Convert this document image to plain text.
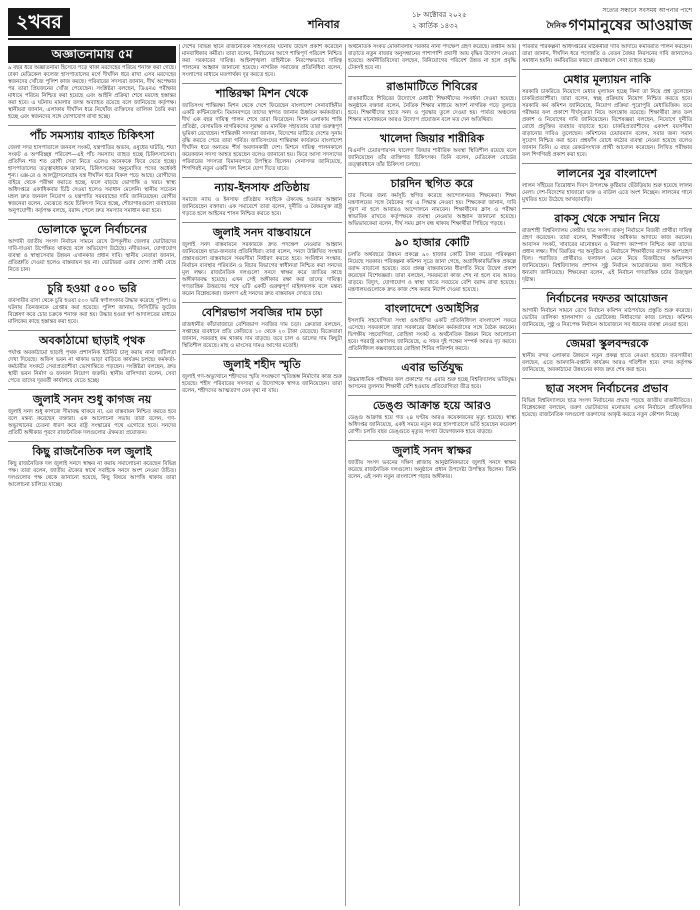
২খবর	শনিবার
১৮ অক্টোবর ২০২৫
২ কার্তিক ১৪৩২
সত্যের সন্ধানে সবসময় আপনার পাশে
$^{দৈনিক}$ গণমানুষের আওয়াজ
অজ্ঞাতনামায় ৫ম
৯ বছর ধরে অজ্ঞাতনামা হিসেবে পড়ে থাকা মরদেহের পরিচয় শনাক্ত করা গেছে। ঢাকা মেডিকেল কলেজ হাসপাতালের মর্গে দীর্ঘদিন ধরে রাখা এসব মরদেহের স্বজনদের খোঁজে পুলিশ কাজ করছে। পরিবারের সদস্যরা জানান, দীর্ঘ অপেক্ষার পর তারা প্রিয়জনের খোঁজ পেয়েছেন। সংশ্লিষ্টরা বলছেন, ডিএনএ পরীক্ষার মাধ্যমে পরিচয় নিশ্চিত করা হয়েছে এবং আইনি প্রক্রিয়া শেষে মরদেহ হস্তান্তর করা হবে। এ ঘটনায় মামলার তদন্ত অব্যাহত রয়েছে বলে জানিয়েছে কর্তৃপক্ষ। স্থানীয়রা জানান, এলাকায় দীর্ঘদিন ধরে নিখোঁজ ব্যক্তিদের তালিকা তৈরি করা হচ্ছে এবং স্বজনদের সঙ্গে যোগাযোগ রাখা হচ্ছে।
পাঁচ সমস্যায় ব্যাহত চিকিৎসা
জেলা সদর হাসপাতালে জনবল সংকট, যন্ত্রপাতির অভাব, ওষুধের ঘাটতি, শয্যা সংকট ও অপরিচ্ছন্ন পরিবেশ—এই পাঁচ সমস্যায় ব্যাহত হচ্ছে চিকিৎসাসেবা। প্রতিদিন শত শত রোগী সেবা নিতে এলেও অনেককে ফিরে যেতে হচ্ছে। হাসপাতালের তত্ত্বাবধায়ক জানান, চিকিৎসকের অনুমোদিত পদের অর্ধেকই শূন্য। এক্স-রে ও আলট্রাসনোগ্রাম যন্ত্র দীর্ঘদিন ধরে বিকল পড়ে আছে। রোগীদের বাইরে থেকে পরীক্ষা করাতে হচ্ছে, ফলে বাড়ছে ভোগান্তি ও খরচ। স্বাস্থ্য অধিদপ্তরে একাধিকবার চিঠি দেওয়া হলেও সমাধান মেলেনি। স্থানীয় সচেতন মহল দ্রুত জনবল নিয়োগ ও যন্ত্রপাতি সরবরাহের দাবি জানিয়েছেন। রোগীর স্বজনেরা বলেন, মেঝেতে শুয়ে চিকিৎসা নিতে হচ্ছে, শৌচাগারগুলো ব্যবহারের অনুপযোগী। কর্তৃপক্ষ বলছে, বরাদ্দ পেলে দ্রুত সমস্যার সমাধান করা হবে।
ভোলাকে ভুলে নির্বাচনের
আগামী জাতীয় সংসদ নির্বাচন সামনে রেখে উপকূলীয় জেলার ভোটারদের দাবি-দাওয়া উপেক্ষিত থাকছে বলে অভিযোগ উঠেছে। নদীভাঙন, যোগাযোগ ব্যবস্থা ও স্বাস্থ্যসেবার উন্নয়ন এখানকার প্রধান দাবি। স্থানীয় নেতারা জানান, প্রতিশ্রুতি দেওয়া হলেও বাস্তবায়ন হয় না। ভোটাররা এবার যোগ্য প্রার্থী বেছে নিতে চান।
চুরি হওয়া ৫০০ ভরি
ব্যবসায়ীর বাসা থেকে চুরি হওয়া ৫০০ ভরি স্বর্ণালংকার উদ্ধার করেছে পুলিশ। এ ঘটনায় তিনজনকে গ্রেপ্তার করা হয়েছে। পুলিশ জানায়, সিসিটিভি ফুটেজ বিশ্লেষণ করে চোর চক্রকে শনাক্ত করা হয়। উদ্ধার হওয়া স্বর্ণ আদালতের মাধ্যমে মালিকের কাছে হস্তান্তর করা হবে।
অবকাঠামো ছাড়াই পৃথক
পর্যাপ্ত অবকাঠামো ছাড়াই পৃথক প্রশাসনিক ইউনিট চালু করায় নানা জটিলতা দেখা দিয়েছে। অফিস ভবন না থাকায় ভাড়া বাড়িতে কার্যক্রম চলছে। কর্মকর্তা-কর্মচারীর সংকটে সেবাপ্রত্যাশীরা ভোগান্তিতে পড়ছেন। সংশ্লিষ্টরা বলছেন, দ্রুত স্থায়ী ভবন নির্মাণ ও জনবল নিয়োগ জরুরি। স্থানীয় বাসিন্দারা বলেন, সেবা পেতে তাদের দূরবর্তী কার্যালয়ে যেতে হচ্ছে।
জুলাই সনদ শুধু কাগজ নয়
জুলাই সনদ শুধু কাগজে সীমাবদ্ধ থাকবে না, এর বাস্তবায়ন নিশ্চিত করতে হবে বলে মন্তব্য করেছেন বক্তারা। এক আলোচনা সভায় তারা বলেন, গণ-অভ্যুত্থানের চেতনা ধারণ করে রাষ্ট্র সংস্কারের পথে এগোতে হবে। সনদের প্রতিটি অঙ্গীকার পূরণে রাজনৈতিক দলগুলোর ঐকমত্য প্রয়োজন।
কিছু রাজনৈতিক দল জুলাই
কিছু রাজনৈতিক দল জুলাই সনদে স্বাক্ষর না করায় সমালোচনা করেছেন বিভিন্ন পক্ষ। তারা বলেন, জাতীয় ঐক্যের স্বার্থে সবাইকে সনদে অংশ নেওয়া উচিত। দলগুলোর পক্ষ থেকে জানানো হয়েছে, কিছু বিষয়ে আপত্তি থাকায় তারা আলোচনা চালিয়ে যাচ্ছে।
দেশের বিভিন্ন স্থানে রাজনৈতিক সহিংসতার ঘটনায় উদ্বেগ প্রকাশ করেছেন মানবাধিকার কর্মীরা। তারা বলেন, নির্বাচনের আগে শান্তিপূর্ণ পরিবেশ নিশ্চিত করা সরকারের দায়িত্ব। আইনশৃঙ্খলা বাহিনীকে নিরপেক্ষভাবে দায়িত্ব পালনের আহ্বান জানানো হয়েছে। নাগরিক সমাজের প্রতিনিধিরা বলেন, সংলাপের মাধ্যমে মতপার্থক্য দূর করতে হবে।
শান্তিরক্ষা মিশন থেকে
জাতিসংঘ শান্তিরক্ষা মিশন থেকে দেশে ফিরেছেন বাংলাদেশ সেনাবাহিনীর একটি কন্টিনজেন্ট। বিমানবন্দরে তাদের স্বাগত জানান ঊর্ধ্বতন কর্মকর্তারা। দীর্ঘ এক বছর দায়িত্ব পালন শেষে তারা ফিরেছেন। মিশন এলাকায় শান্তি প্রতিষ্ঠা, বেসামরিক নাগরিকদের সুরক্ষা ও মানবিক সহায়তায় তারা গুরুত্বপূর্ণ ভূমিকা রেখেছেন। শান্তিরক্ষী সদস্যরা জানান, বিদেশের মাটিতে দেশের সুনাম বৃদ্ধি করতে পেরে তারা গর্বিত। জাতিসংঘের শান্তিরক্ষা কার্যক্রমে বাংলাদেশ দীর্ঘদিন ধরে অন্যতম শীর্ষ অবদানকারী দেশ। মিশনে দায়িত্ব পালনকালে কয়েকজন সদস্য আহত হয়েছেন বলেও জানানো হয়। ফিরে আসা সদস্যদের পরিবারের সদস্যরা বিমানবন্দরে উপস্থিত ছিলেন। সেনাসদর জানিয়েছে, শিগগিরই নতুন একটি দল মিশনে যোগ দিতে যাবে।
ন্যায়-ইনসাফ প্রতিষ্ঠায়
সমাজে ন্যায় ও ইনসাফ প্রতিষ্ঠায় সবাইকে ঐক্যবদ্ধ হওয়ার আহ্বান জানিয়েছেন বক্তারা। এক সমাবেশে তারা বলেন, দুর্নীতি ও বৈষম্যমুক্ত রাষ্ট্র গড়তে হলে আইনের শাসন নিশ্চিত করতে হবে।
জুলাই সনদ বাস্তবায়নে
জুলাই সনদ বাস্তবায়নে সরকারকে দ্রুত পদক্ষেপ নেওয়ার আহ্বান জানিয়েছেন ছাত্র-জনতার প্রতিনিধিরা। তারা বলেন, সনদে উল্লিখিত সংস্কার প্রস্তাবগুলো বাস্তবায়নে সময়সীমা নির্ধারণ করতে হবে। সংবিধান সংস্কার, নির্বাচন ব্যবস্থার পরিবর্তন ও বিচার বিভাগের স্বাধীনতা নিশ্চিত করা সনদের মূল লক্ষ্য। রাজনৈতিক দলগুলো সনদে স্বাক্ষর করে জাতির কাছে অঙ্গীকারবদ্ধ হয়েছে। এখন সেই অঙ্গীকার রক্ষা করা তাদের দায়িত্ব। গণতান্ত্রিক উত্তরণের পথে এটি একটি গুরুত্বপূর্ণ মাইলফলক বলে মন্তব্য করেন বিশ্লেষকেরা। জনগণ এই সনদের দ্রুত বাস্তবায়ন দেখতে চায়।
বেশিরভাগ সবজির দাম চড়া
রাজধানীর কাঁচাবাজারে বেশিরভাগ সবজির দাম চড়া। ক্রেতারা বলছেন, সপ্তাহের ব্যবধানে প্রতি কেজিতে ১০ থেকে ২০ টাকা বেড়েছে। বিক্রেতারা জানান, সরবরাহ কম থাকায় দাম বাড়ছে। তবে চাল ও ডালের দাম কিছুটা স্থিতিশীল রয়েছে। মাছ ও মাংসের দামও আগের মতোই।
জুলাই শহীদ স্মৃতি
জুলাই গণ-অভ্যুত্থানে শহীদদের স্মৃতি সংরক্ষণে স্মৃতিস্তম্ভ নির্মাণের কাজ শুরু হয়েছে। শহীদ পরিবারের সদস্যরা এ উদ্যোগকে স্বাগত জানিয়েছেন। তারা বলেন, শহীদদের আত্মত্যাগ যেন বৃথা না যায়।
অর্থনৈতিক সংকট মোকাবিলায় সরকার নানা পদক্ষেপ গ্রহণ করেছে। রপ্তানি আয় বাড়াতে নতুন বাজার অনুসন্ধানের পাশাপাশি প্রবাসী আয় বৃদ্ধির উদ্যোগ নেওয়া হয়েছে। অর্থনীতিবিদেরা বলছেন, বিনিয়োগের পরিবেশ উন্নত না হলে প্রবৃদ্ধি টেকসই হবে না।
রাঙামাটিতে শিবিরের
রাঙামাটিতে শিবিরের উদ্যোগে মেধাবী শিক্ষার্থীদের সংবর্ধনা দেওয়া হয়েছে। অনুষ্ঠানে বক্তারা বলেন, নৈতিক শিক্ষার মাধ্যমে আদর্শ নাগরিক গড়ে তুলতে হবে। শিক্ষার্থীদের হাতে সনদ ও পুরস্কার তুলে দেওয়া হয়। পার্বত্য অঞ্চলের শিক্ষার মানোন্নয়নে আরও উদ্যোগ প্রয়োজন বলে মত দেন অতিথিরা।
খালেদা জিয়ার শারীরিক
বিএনপি চেয়ারপারসন খালেদা জিয়ার শারীরিক অবস্থা স্থিতিশীল রয়েছে বলে জানিয়েছেন তাঁর ব্যক্তিগত চিকিৎসক। তিনি বলেন, মেডিকেল বোর্ডের তত্ত্বাবধানে তাঁর চিকিৎসা চলছে।
চারদিন স্থগিত করে
চার দিনের জন্য কর্মসূচি স্থগিত করেছে আন্দোলনরত শিক্ষকেরা। শিক্ষা মন্ত্রণালয়ের সঙ্গে বৈঠকের পর এ সিদ্ধান্ত নেওয়া হয়। শিক্ষকেরা জানান, দাবি পূরণ না হলে আবারও আন্দোলনে নামবেন। শিক্ষার্থীদের ক্লাস ও পরীক্ষা স্বাভাবিক রাখতে কর্তৃপক্ষকে ব্যবস্থা নেওয়ার আহ্বান জানানো হয়েছে। অভিভাবকেরা বলেন, দীর্ঘ সময় ক্লাস বন্ধ থাকায় শিক্ষার্থীরা পিছিয়ে পড়ছে।
৯০ হাজার কোটি
চলতি অর্থবছরে উন্নয়ন প্রকল্পে ৯০ হাজার কোটি টাকা ব্যয়ের পরিকল্পনা নিয়েছে সরকার। পরিকল্পনা কমিশন সূত্রে জানা গেছে, অগ্রাধিকারভিত্তিক প্রকল্পে বরাদ্দ বাড়ানো হয়েছে। তবে প্রকল্প বাস্তবায়নের ধীরগতি নিয়ে উদ্বেগ প্রকাশ করেছেন বিশেষজ্ঞরা। তারা বলছেন, সময়মতো কাজ শেষ না হলে ব্যয় আরও বাড়বে। বিদ্যুৎ, যোগাযোগ ও স্বাস্থ্য খাতে সবচেয়ে বেশি বরাদ্দ রাখা হয়েছে। মন্ত্রণালয়গুলোকে দ্রুত কাজ শেষ করার নির্দেশ দেওয়া হয়েছে।
বাংলাদেশে ওআইসির
ইসলামি সহযোগিতা সংস্থা ওআইসির একটি প্রতিনিধিদল বাংলাদেশ সফরে এসেছে। সফরকালে তারা সরকারের ঊর্ধ্বতন কর্মকর্তাদের সঙ্গে বৈঠক করবেন। দ্বিপক্ষীয় সহযোগিতা, রোহিঙ্গা সংকট ও অর্থনৈতিক উন্নয়ন নিয়ে আলোচনা হবে। পররাষ্ট্র মন্ত্রণালয় জানিয়েছে, এ সফর দুই পক্ষের সম্পর্ক আরও দৃঢ় করবে। প্রতিনিধিদল কক্সবাজারের রোহিঙ্গা শিবির পরিদর্শন করবে।
এবার ভর্তিযুদ্ধ
উচ্চমাধ্যমিক পরীক্ষার ফল প্রকাশের পর এবার শুরু হচ্ছে বিশ্ববিদ্যালয় ভর্তিযুদ্ধ। আসনের তুলনায় শিক্ষার্থী বেশি হওয়ায় প্রতিযোগিতা তীব্র হবে।
ডেঙ্গু আক্রান্ত হয়ে আরও
ডেঙ্গু আক্রান্ত হয়ে গত ২৪ ঘণ্টায় আরও কয়েকজনের মৃত্যু হয়েছে। স্বাস্থ্য অধিদপ্তর জানিয়েছে, একই সময়ে নতুন করে হাসপাতালে ভর্তি হয়েছেন কয়েকশ রোগী। চলতি বছর ডেঙ্গুতে মৃত্যুর সংখ্যা উদ্বেগজনক হারে বাড়ছে।
জুলাই সনদ স্বাক্ষর
জাতীয় সংসদ ভবনের দক্ষিণ প্লাজায় আনুষ্ঠানিকভাবে জুলাই সনদে স্বাক্ষর করেছে রাজনৈতিক দলগুলো। অনুষ্ঠানে প্রধান উপদেষ্টা উপস্থিত ছিলেন। তিনি বলেন, এই সনদ নতুন বাংলাদেশ গড়ার অঙ্গীকার।
পরিবার পরিকল্পনা অধিদপ্তরের মাঠকর্মীরা দাবি আদায়ে কর্মবিরতি পালন করছেন। তারা জানান, দীর্ঘদিন ধরে পদোন্নতি ও বেতন বৈষম্য নিরসনের দাবি জানালেও সমাধান হয়নি। কর্মবিরতির কারণে গ্রামাঞ্চলে সেবা ব্যাহত হচ্ছে।
মেধার মূল্যায়ন নাকি
সরকারি চাকরিতে নিয়োগে মেধার মূল্যায়ন হচ্ছে কিনা তা নিয়ে প্রশ্ন তুলেছেন চাকরিপ্রত্যাশীরা। তারা বলেন, স্বচ্ছ প্রক্রিয়ায় নিয়োগ নিশ্চিত করতে হবে। সরকারি কর্ম কমিশন জানিয়েছে, নিয়োগ প্রক্রিয়া পুরোপুরি মেধাভিত্তিক। তবে পরীক্ষার ফল প্রকাশে দীর্ঘসূত্রতা নিয়ে অসন্তোষ রয়েছে। শিক্ষার্থীরা দ্রুত ফল প্রকাশ ও নিয়োগের দাবি জানিয়েছেন। বিশেষজ্ঞরা বলছেন, নিয়োগে দুর্নীতি রোধে প্রযুক্তির ব্যবহার বাড়াতে হবে। চাকরিপ্রত্যাশীদের একাংশ বয়সসীমা বাড়ানোর দাবিও তুলেছেন। কমিশনের চেয়ারম্যান বলেন, সবার জন্য সমান সুযোগ নিশ্চিত করা হবে। প্রশ্নফাঁস রোধে কঠোর ব্যবস্থা নেওয়া হয়েছে বলেও জানান তিনি। এ বছর রেকর্ডসংখ্যক প্রার্থী আবেদন করেছেন। লিখিত পরীক্ষার ফল শিগগিরই প্রকাশ করা হবে।
লালনের সুর বাংলাদেশ
লালন সাঁইয়ের তিরোধান দিবস উপলক্ষে কুষ্টিয়ার ছেঁউড়িয়ায় শুরু হয়েছে লালন মেলা। দেশ-বিদেশের হাজারো ভক্ত ও বাউল এতে অংশ নিচ্ছেন। লালনের গানে মুখরিত হয়ে উঠেছে আখড়াবাড়ি।
রাকসু থেকে সম্মান নিয়ে
রাজশাহী বিশ্ববিদ্যালয় কেন্দ্রীয় ছাত্র সংসদ রাকসু নির্বাচনে বিজয়ী প্রার্থীরা দায়িত্ব গ্রহণ করেছেন। তারা বলেন, শিক্ষার্থীদের অধিকার আদায়ে কাজ করবেন। আবাসন সংকট, খাবারের মানোন্নয়ন ও নিরাপদ ক্যাম্পাস নিশ্চিত করা তাদের প্রধান লক্ষ্য। দীর্ঘ বিরতির পর অনুষ্ঠিত এ নির্বাচনে শিক্ষার্থীদের ব্যাপক অংশগ্রহণ ছিল। পরাজিত প্রার্থীরাও ফলাফল মেনে নিয়ে বিজয়ীদের অভিনন্দন জানিয়েছেন। বিশ্ববিদ্যালয় প্রশাসন সুষ্ঠু নির্বাচন আয়োজনের জন্য সবাইকে ধন্যবাদ জানিয়েছে। শিক্ষকেরা বলেন, এই নির্বাচন গণতান্ত্রিক চর্চার উজ্জ্বল দৃষ্টান্ত।
নির্বাচনের দফতর আয়োজন
আগামী নির্বাচন সামনে রেখে নির্বাচন কমিশন মাঠপর্যায়ে প্রস্তুতি শুরু করেছে। ভোটার তালিকা হালনাগাদ ও ভোটকেন্দ্র নির্ধারণের কাজ চলছে। কমিশন জানিয়েছে, সুষ্ঠু ও নিরপেক্ষ নির্বাচন আয়োজনে সব ধরনের ব্যবস্থা নেওয়া হবে।
জেমরা স্কুলবন্দরকে
স্থানীয় বন্দর এলাকার উন্নয়নে নতুন প্রকল্প হাতে নেওয়া হয়েছে। ব্যবসায়ীরা বলছেন, এতে আমদানি-রপ্তানি কার্যক্রম আরও গতিশীল হবে। বন্দর কর্তৃপক্ষ জানিয়েছে, অবকাঠামো উন্নয়নের কাজ দ্রুত শেষ করা হবে।
ছাত্র সংসদ নির্বাচনের প্রভাব
বিভিন্ন বিশ্ববিদ্যালয়ে ছাত্র সংসদ নির্বাচনের প্রভাব পড়ছে জাতীয় রাজনীতিতে। বিশ্লেষকেরা বলছেন, তরুণ ভোটারদের মনোভাব এসব নির্বাচনে প্রতিফলিত হয়েছে। রাজনৈতিক দলগুলো তরুণদের আকৃষ্ট করতে নতুন কৌশল নিচ্ছে।
